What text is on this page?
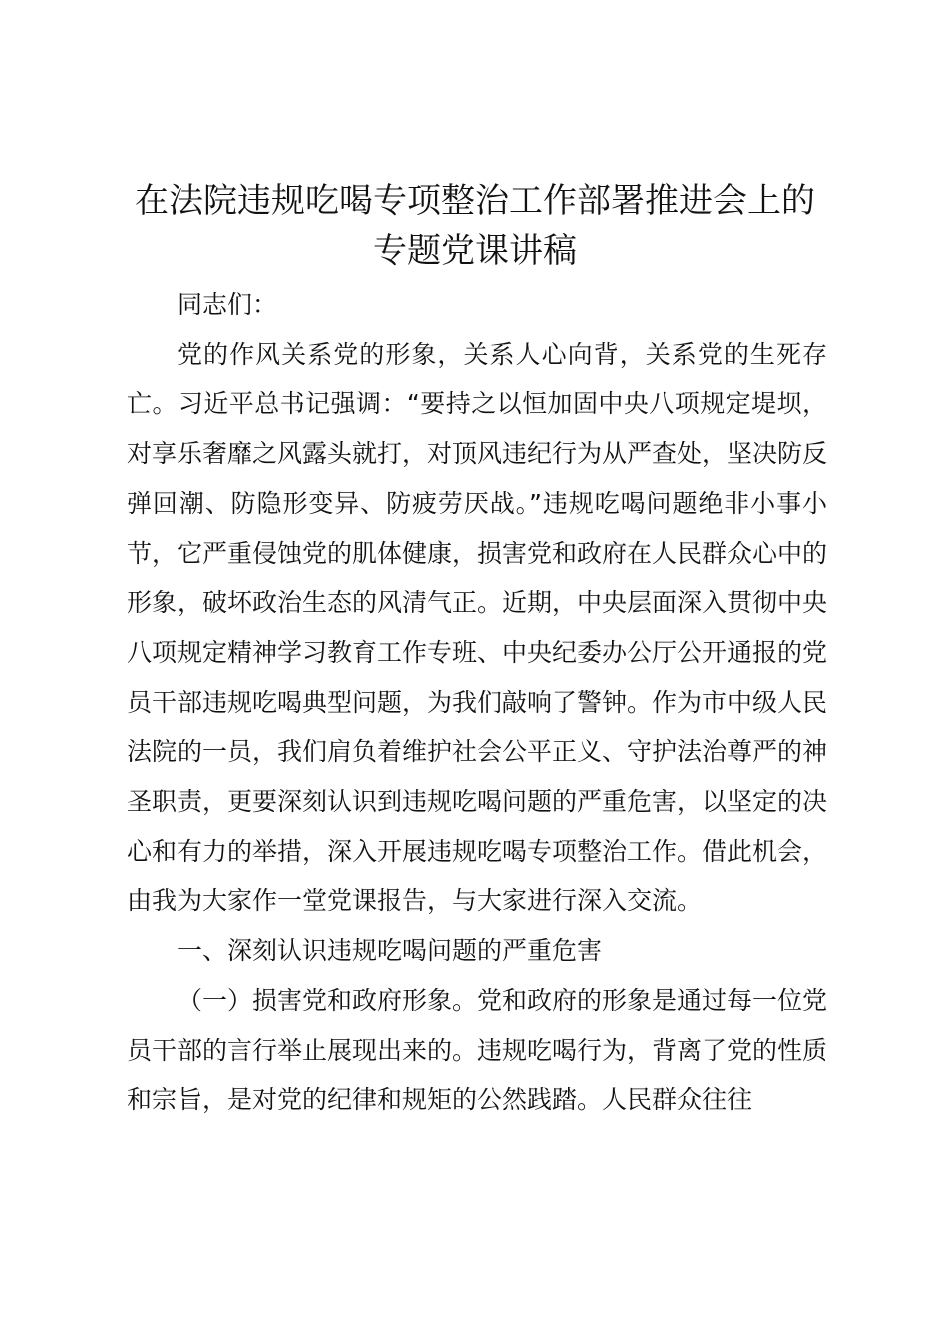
在法院违规吃喝专项整治工作部署推进会上的
专题党课讲稿

同志们：

党的作风关系党的形象，关系人心向背，关系党的生死存亡。习近平总书记强调：“要持之以恒加固中央八项规定堤坝，对享乐奢靡之风露头就打，对顶风违纪行为从严查处，坚决防反弹回潮、防隐形变异、防疲劳厌战。”违规吃喝问题绝非小事小节，它严重侵蚀党的肌体健康，损害党和政府在人民群众心中的形象，破坏政治生态的风清气正。近期，中央层面深入贯彻中央八项规定精神学习教育工作专班、中央纪委办公厅公开通报的党员干部违规吃喝典型问题，为我们敲响了警钟。作为市中级人民法院的一员，我们肩负着维护社会公平正义、守护法治尊严的神圣职责，更要深刻认识到违规吃喝问题的严重危害，以坚定的决心和有力的举措，深入开展违规吃喝专项整治工作。借此机会，由我为大家作一堂党课报告，与大家进行深入交流。

一、深刻认识违规吃喝问题的严重危害

（一）损害党和政府形象。党和政府的形象是通过每一位党员干部的言行举止展现出来的。违规吃喝行为，背离了党的性质和宗旨，是对党的纪律和规矩的公然践踏。人民群众往往
